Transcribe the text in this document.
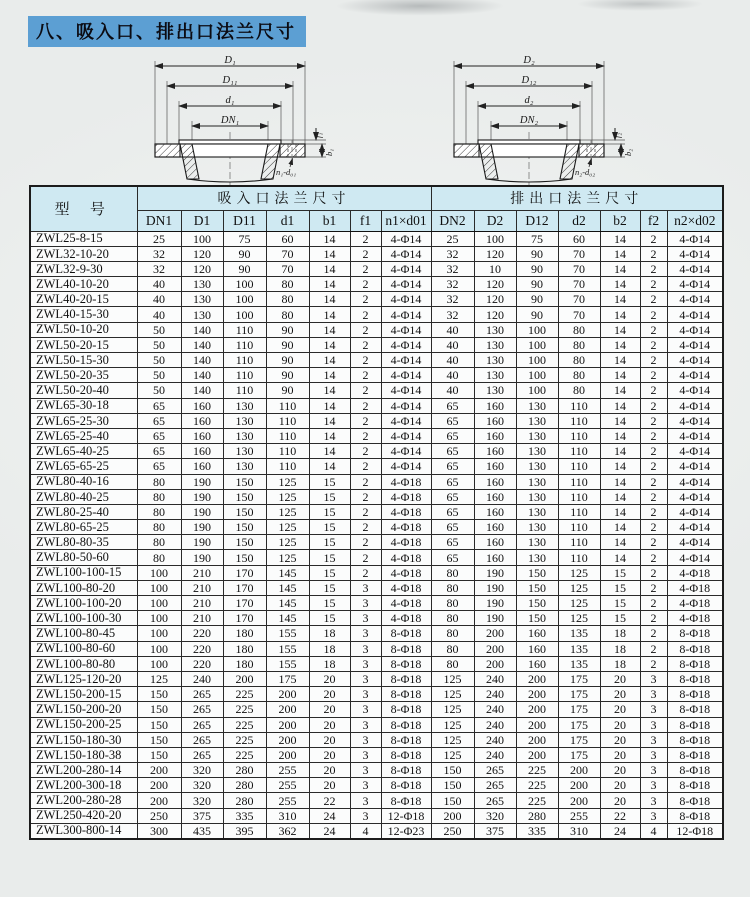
八、吸入口、排出口法兰尺寸
D₁
D₁₁
d₁
DN₁
f₁
b₁
n₁-d₀₁
D₂
D₁₂
d₂
DN₂
f₂
b₂
n₂-d₀₂
型 号	吸入口法兰尺寸							排出口法兰尺寸						
	DN1	D1	D11	d1	b1	f1	n1×d01	DN2	D2	D12	d2	b2	f2	n2×d02
ZWL25-8-15	25	100	75	60	14	2	4-Φ14	25	100	75	60	14	2	4-Φ14
ZWL32-10-20	32	120	90	70	14	2	4-Φ14	32	120	90	70	14	2	4-Φ14
ZWL32-9-30	32	120	90	70	14	2	4-Φ14	32	10	90	70	14	2	4-Φ14
ZWL40-10-20	40	130	100	80	14	2	4-Φ14	32	120	90	70	14	2	4-Φ14
ZWL40-20-15	40	130	100	80	14	2	4-Φ14	32	120	90	70	14	2	4-Φ14
ZWL40-15-30	40	130	100	80	14	2	4-Φ14	32	120	90	70	14	2	4-Φ14
ZWL50-10-20	50	140	110	90	14	2	4-Φ14	40	130	100	80	14	2	4-Φ14
ZWL50-20-15	50	140	110	90	14	2	4-Φ14	40	130	100	80	14	2	4-Φ14
ZWL50-15-30	50	140	110	90	14	2	4-Φ14	40	130	100	80	14	2	4-Φ14
ZWL50-20-35	50	140	110	90	14	2	4-Φ14	40	130	100	80	14	2	4-Φ14
ZWL50-20-40	50	140	110	90	14	2	4-Φ14	40	130	100	80	14	2	4-Φ14
ZWL65-30-18	65	160	130	110	14	2	4-Φ14	65	160	130	110	14	2	4-Φ14
ZWL65-25-30	65	160	130	110	14	2	4-Φ14	65	160	130	110	14	2	4-Φ14
ZWL65-25-40	65	160	130	110	14	2	4-Φ14	65	160	130	110	14	2	4-Φ14
ZWL65-40-25	65	160	130	110	14	2	4-Φ14	65	160	130	110	14	2	4-Φ14
ZWL65-65-25	65	160	130	110	14	2	4-Φ14	65	160	130	110	14	2	4-Φ14
ZWL80-40-16	80	190	150	125	15	2	4-Φ18	65	160	130	110	14	2	4-Φ14
ZWL80-40-25	80	190	150	125	15	2	4-Φ18	65	160	130	110	14	2	4-Φ14
ZWL80-25-40	80	190	150	125	15	2	4-Φ18	65	160	130	110	14	2	4-Φ14
ZWL80-65-25	80	190	150	125	15	2	4-Φ18	65	160	130	110	14	2	4-Φ14
ZWL80-80-35	80	190	150	125	15	2	4-Φ18	65	160	130	110	14	2	4-Φ14
ZWL80-50-60	80	190	150	125	15	2	4-Φ18	65	160	130	110	14	2	4-Φ14
ZWL100-100-15	100	210	170	145	15	2	4-Φ18	80	190	150	125	15	2	4-Φ18
ZWL100-80-20	100	210	170	145	15	3	4-Φ18	80	190	150	125	15	2	4-Φ18
ZWL100-100-20	100	210	170	145	15	3	4-Φ18	80	190	150	125	15	2	4-Φ18
ZWL100-100-30	100	210	170	145	15	3	4-Φ18	80	190	150	125	15	2	4-Φ18
ZWL100-80-45	100	220	180	155	18	3	8-Φ18	80	200	160	135	18	2	8-Φ18
ZWL100-80-60	100	220	180	155	18	3	8-Φ18	80	200	160	135	18	2	8-Φ18
ZWL100-80-80	100	220	180	155	18	3	8-Φ18	80	200	160	135	18	2	8-Φ18
ZWL125-120-20	125	240	200	175	20	3	8-Φ18	125	240	200	175	20	3	8-Φ18
ZWL150-200-15	150	265	225	200	20	3	8-Φ18	125	240	200	175	20	3	8-Φ18
ZWL150-200-20	150	265	225	200	20	3	8-Φ18	125	240	200	175	20	3	8-Φ18
ZWL150-200-25	150	265	225	200	20	3	8-Φ18	125	240	200	175	20	3	8-Φ18
ZWL150-180-30	150	265	225	200	20	3	8-Φ18	125	240	200	175	20	3	8-Φ18
ZWL150-180-38	150	265	225	200	20	3	8-Φ18	125	240	200	175	20	3	8-Φ18
ZWL200-280-14	200	320	280	255	20	3	8-Φ18	150	265	225	200	20	3	8-Φ18
ZWL200-300-18	200	320	280	255	20	3	8-Φ18	150	265	225	200	20	3	8-Φ18
ZWL200-280-28	200	320	280	255	22	3	8-Φ18	150	265	225	200	20	3	8-Φ18
ZWL250-420-20	250	375	335	310	24	3	12-Φ18	200	320	280	255	22	3	8-Φ18
ZWL300-800-14	300	435	395	362	24	4	12-Φ23	250	375	335	310	24	4	12-Φ18
